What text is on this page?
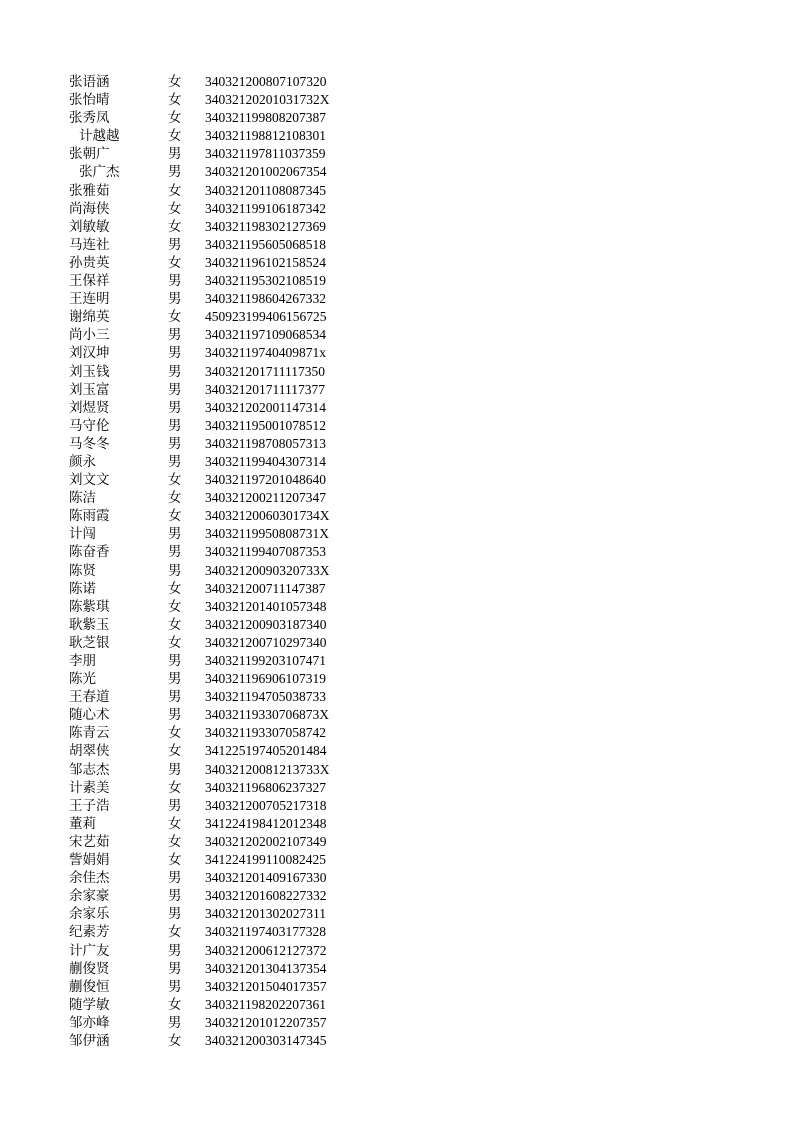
张语涵	女 340321200807107320
张怡晴	女 34032120201031732X
张秀凤	女 340321199808207387
计越越	女 340321198812108301
张朝广	男 340321197811037359
张广杰	男 340321201002067354
张雅茹	女 340321201108087345
尚海侠	女 340321199106187342
刘敏敏	女 340321198302127369
马连社	男 340321195605068518
孙贵英	女 340321196102158524
王保祥	男 340321195302108519
王连明	男 340321198604267332
谢绵英	女 450923199406156725
尚小三	男 340321197109068534
刘汉坤	男 34032119740409871x
刘玉钱	男 340321201711117350
刘玉富	男 340321201711117377
刘煜贤	男 340321202001147314
马守伦	男 340321195001078512
马冬冬	男 340321198708057313
颜永	男 340321199404307314
刘文文	女 340321197201048640
陈洁	女 340321200211207347
陈雨霞	女 34032120060301734X
计闯	男 34032119950808731X
陈奋香	男 340321199407087353
陈贤	男 34032120090320733X
陈诺	女 340321200711147387
陈紫琪	女 340321201401057348
耿紫玉	女 340321200903187340
耿芝银	女 340321200710297340
李朋	男 340321199203107471
陈光	男 340321196906107319
王春道	男 340321194705038733
随心术	男 34032119330706873X
陈青云	女 340321193307058742
胡翠侠	女 341225197405201484
邹志杰	男 34032120081213733X
计素美	女 340321196806237327
王子浩	男 340321200705217318
董莉	女 341224198412012348
宋艺茹	女 340321202002107349
訾娟娟	女 341224199110082425
余佳杰	男 340321201409167330
余家豪	男 340321201608227332
余家乐	男 340321201302027311
纪素芳	女 340321197403177328
计广友	男 340321200612127372
蒯俊贤	男 340321201304137354
蒯俊恒	男 340321201504017357
随学敏	女 340321198202207361
邹亦峰	男 340321201012207357
邹伊涵	女 340321200303147345
